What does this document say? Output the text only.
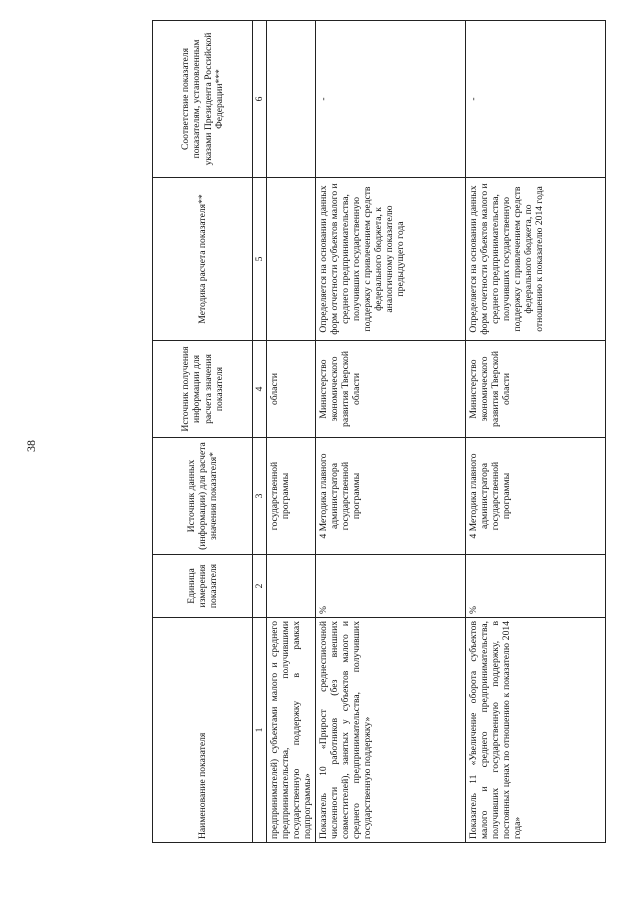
38
Наименование показателя	Единица измерения показателя	Источник данных (информации) для расчета значения показателя*	Источник получения информации для расчета значения показателя	Методика расчета показателя**	Соответствие показателя показателям, установленным указами Президента Российской Федерации***
1	2	3	4	5	6
предпринимателей) субъектами малого и среднего предпринимательства, получившими государственную поддержку в рамках подпрограммы»		государственной программы	области		
Показатель 10 «Прирост среднесписочной численности работников (без внешних совместителей), занятых у субъектов малого и среднего предпринимательства, получивших государственную поддержку»	%	4 Методика главного администратора государственной программы	Министерство экономического развития Тверской области	Определяется на основании данных форм отчетности субъектов малого и среднего предпринимательства, получивших государственную поддержку с привлечением средств федерального бюджета, к аналогичному показателю предыдущего года	-
Показатель 11 «Увеличение оборота субъектов малого и среднего предпринимательства, получивших государственную поддержку, в постоянных ценах по отношению к показателю 2014 года»	%	4 Методика главного администратора государственной программы	Министерство экономического развития Тверской области	Определяется на основании данных форм отчетности субъектов малого и среднего предпринимательства, получивших государственную поддержку с привлечением средств федерального бюджета, по отношению к показателю 2014 года	-
